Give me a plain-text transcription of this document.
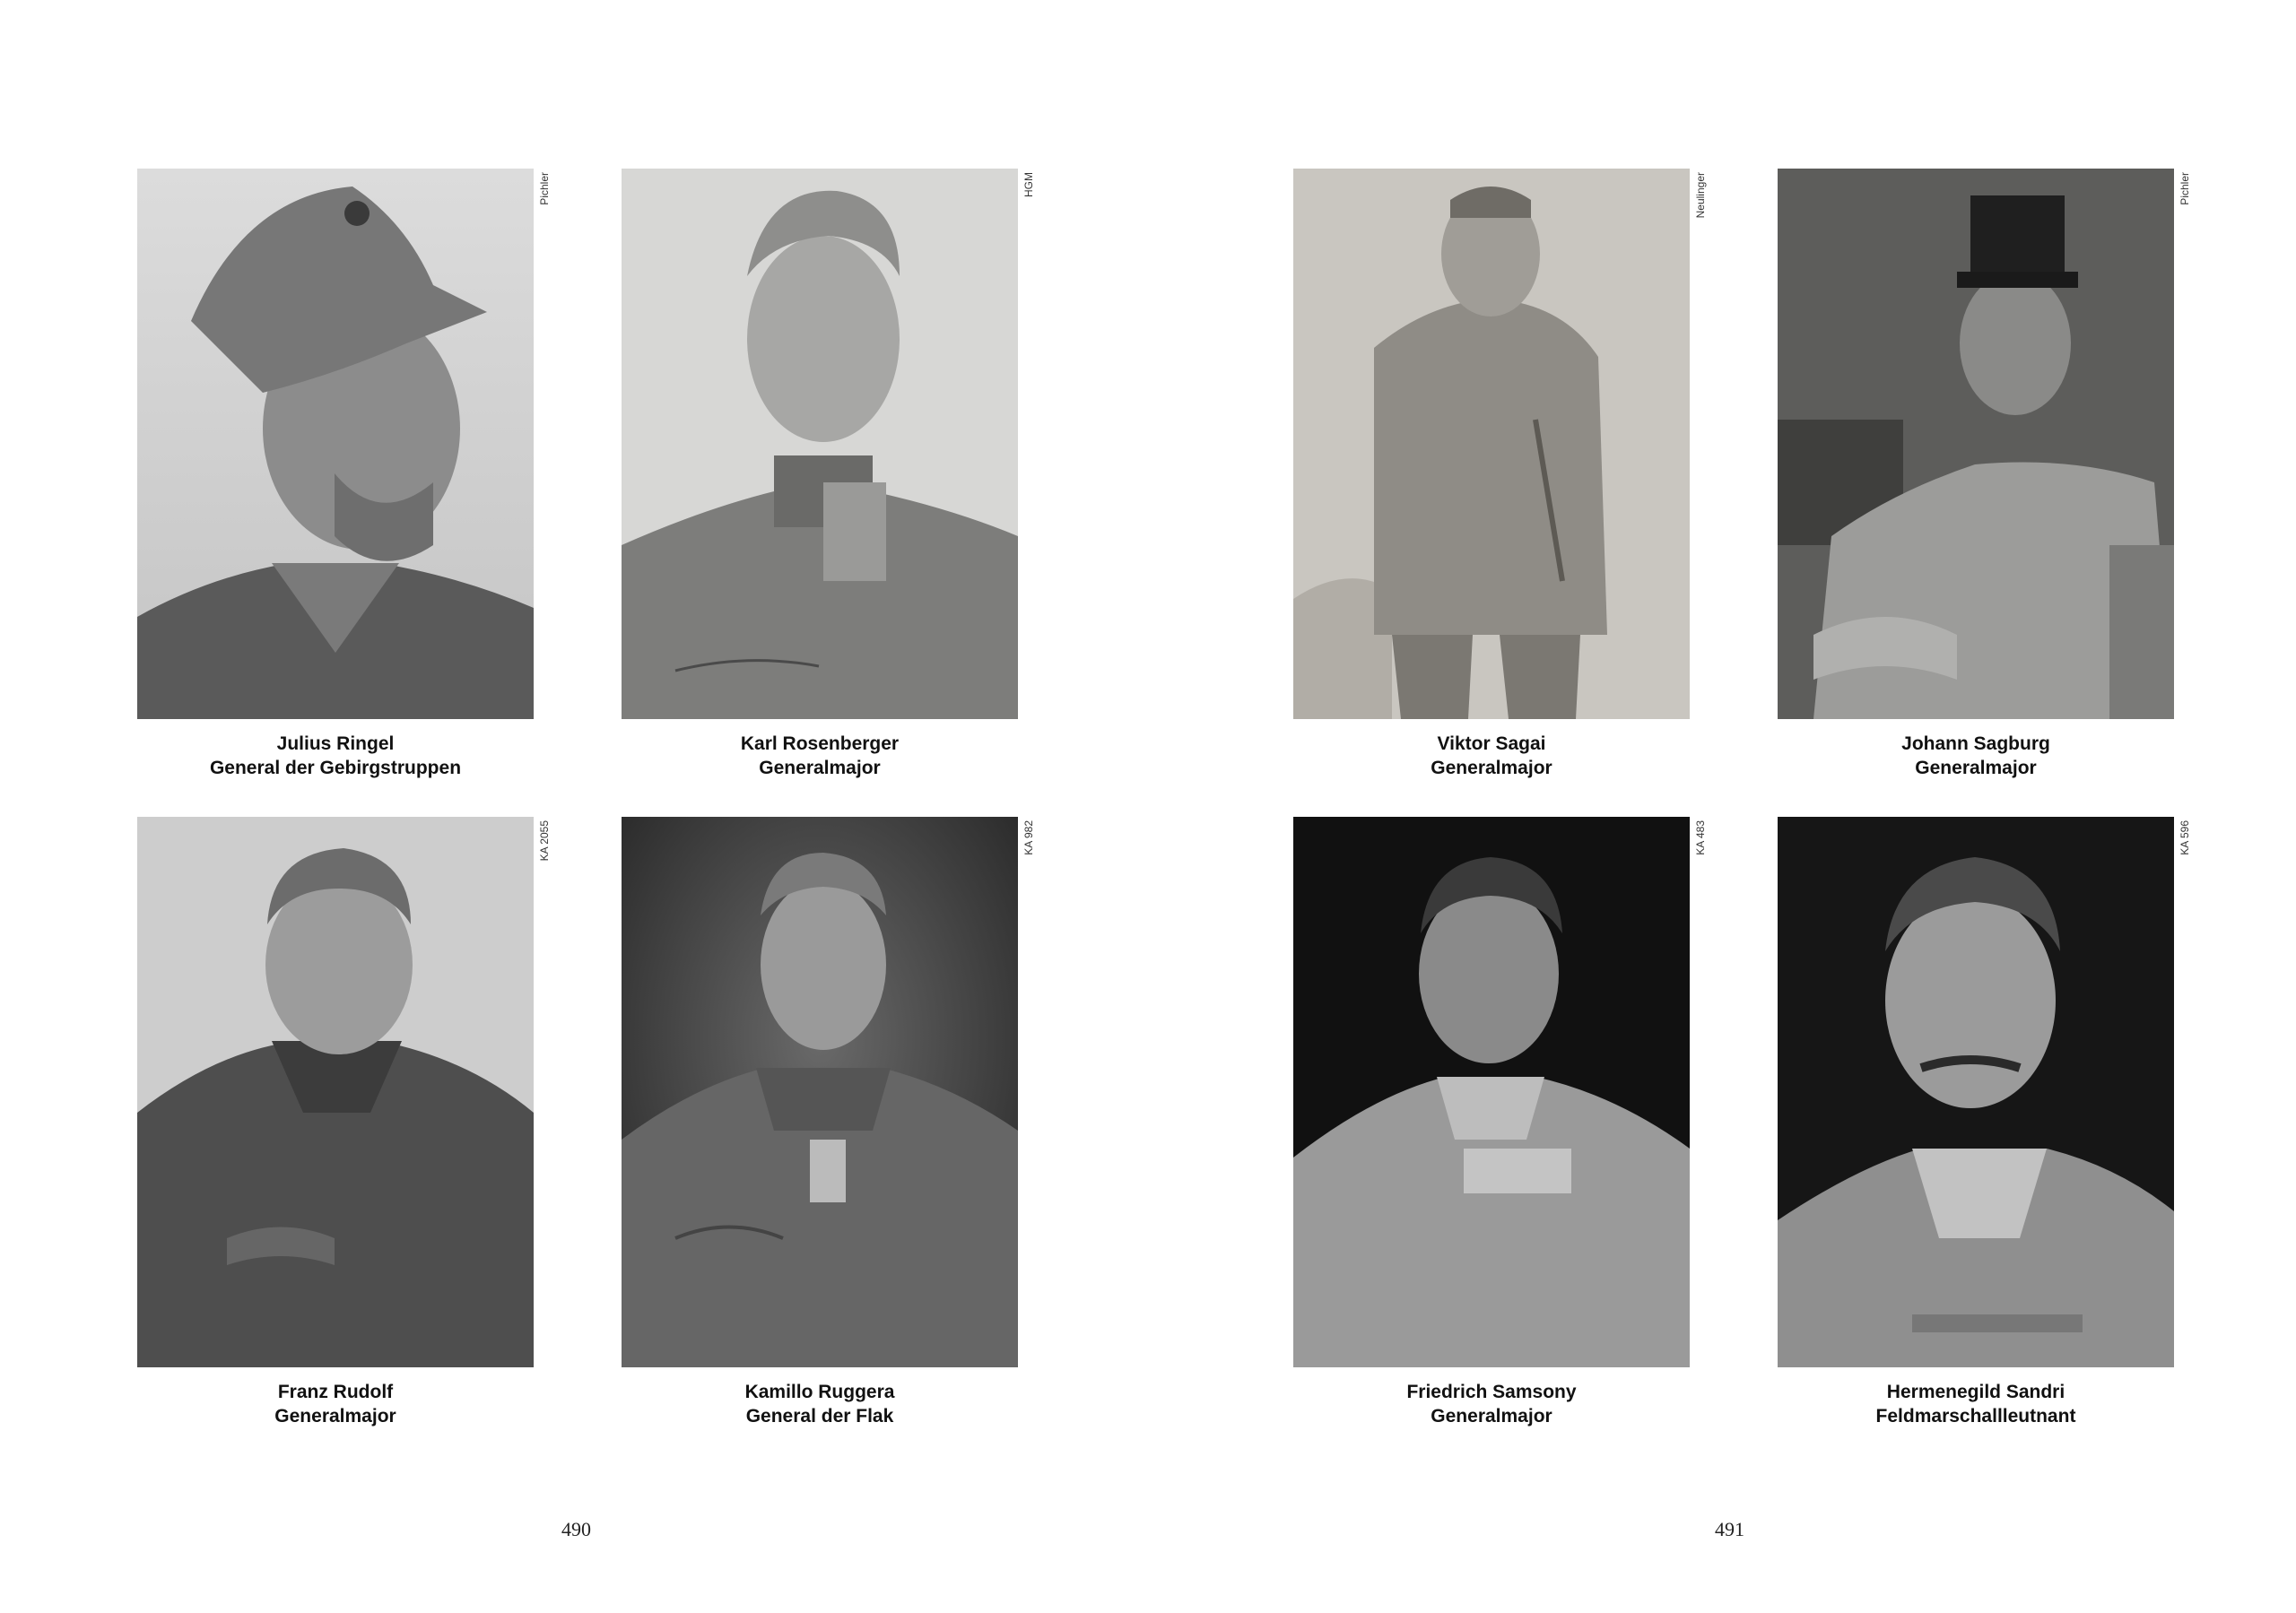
Pichler
Julius Ringel
General der Gebirgstruppen
HGM
Karl Rosenberger
Generalmajor
Neulinger
Viktor Sagai
Generalmajor
Pichler
Johann Sagburg
Generalmajor
KA 2055
Franz Rudolf
Generalmajor
KA 982
Kamillo Ruggera
General der Flak
KA 483
Friedrich Samsony
Generalmajor
KA 596
Hermenegild Sandri
Feldmarschallleutnant
490	491
